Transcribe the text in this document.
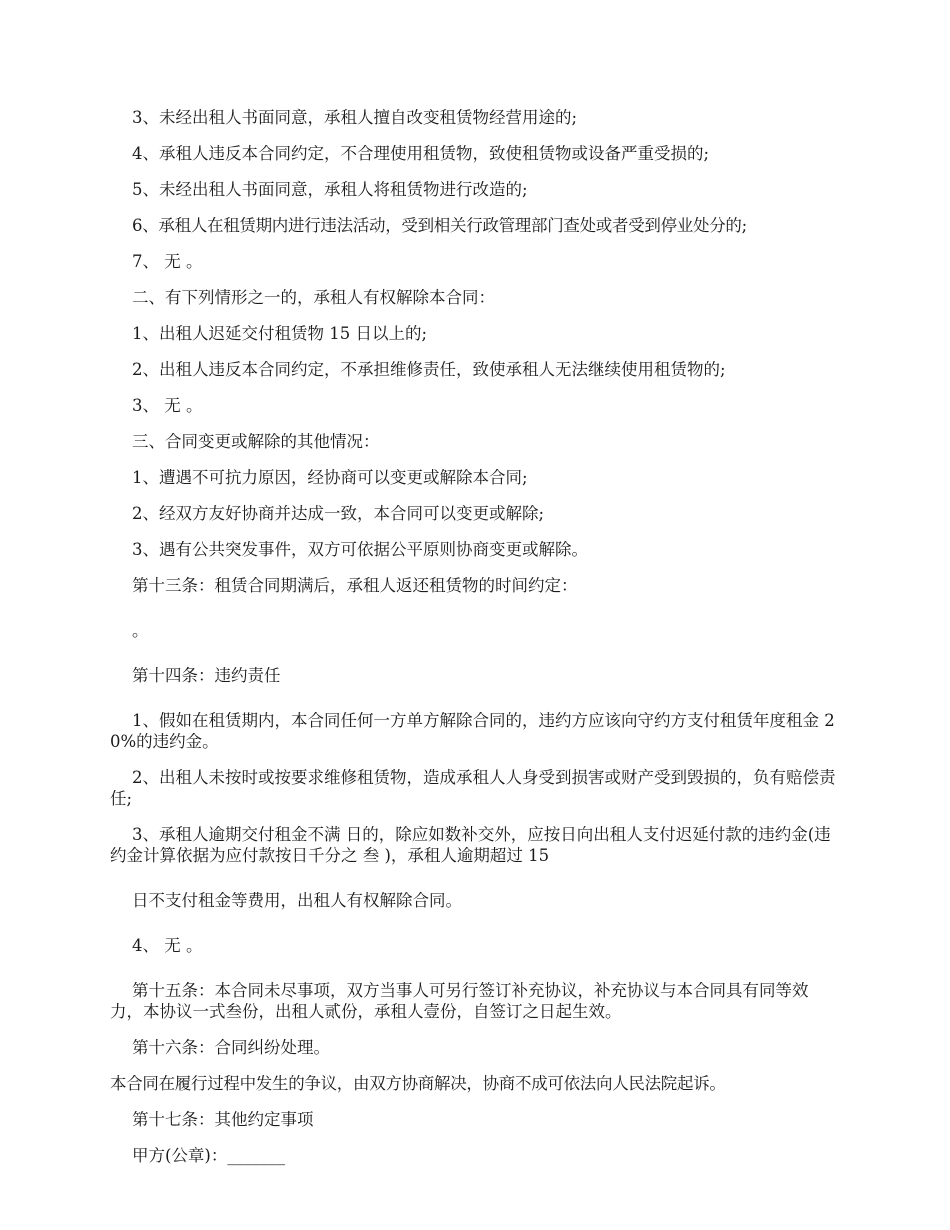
3、未经出租人书面同意，承租人擅自改变租赁物经营用途的;

4、承租人违反本合同约定，不合理使用租赁物，致使租赁物或设备严重受损的;

5、未经出租人书面同意，承租人将租赁物进行改造的;

6、承租人在租赁期内进行违法活动，受到相关行政管理部门查处或者受到停业处分的;

7、 无 。

二、有下列情形之一的，承租人有权解除本合同：

1、出租人迟延交付租赁物 15 日以上的;

2、出租人违反本合同约定，不承担维修责任，致使承租人无法继续使用租赁物的;

3、 无 。

三、合同变更或解除的其他情况：

1、遭遇不可抗力原因，经协商可以变更或解除本合同;

2、经双方友好协商并达成一致，本合同可以变更或解除;

3、遇有公共突发事件，双方可依据公平原则协商变更或解除。

第十三条：租赁合同期满后，承租人返还租赁物的时间约定：

。

第十四条：违约责任

1、假如在租赁期内，本合同任何一方单方解除合同的，违约方应该向守约方支付租赁年度租金 20%的违约金。

2、出租人未按时或按要求维修租赁物，造成承租人人身受到损害或财产受到毁损的，负有赔偿责任;

3、承租人逾期交付租金不满 日的，除应如数补交外，应按日向出租人支付迟延付款的违约金(违约金计算依据为应付款按日千分之 叁 )，承租人逾期超过 15

日不支付租金等费用，出租人有权解除合同。

4、 无 。

第十五条：本合同未尽事项，双方当事人可另行签订补充协议，补充协议与本合同具有同等效力，本协议一式叁份，出租人贰份，承租人壹份，自签订之日起生效。

第十六条：合同纠纷处理。

本合同在履行过程中发生的争议，由双方协商解决，协商不成可依法向人民法院起诉。

第十七条：其他约定事项

甲方(公章)：_______
